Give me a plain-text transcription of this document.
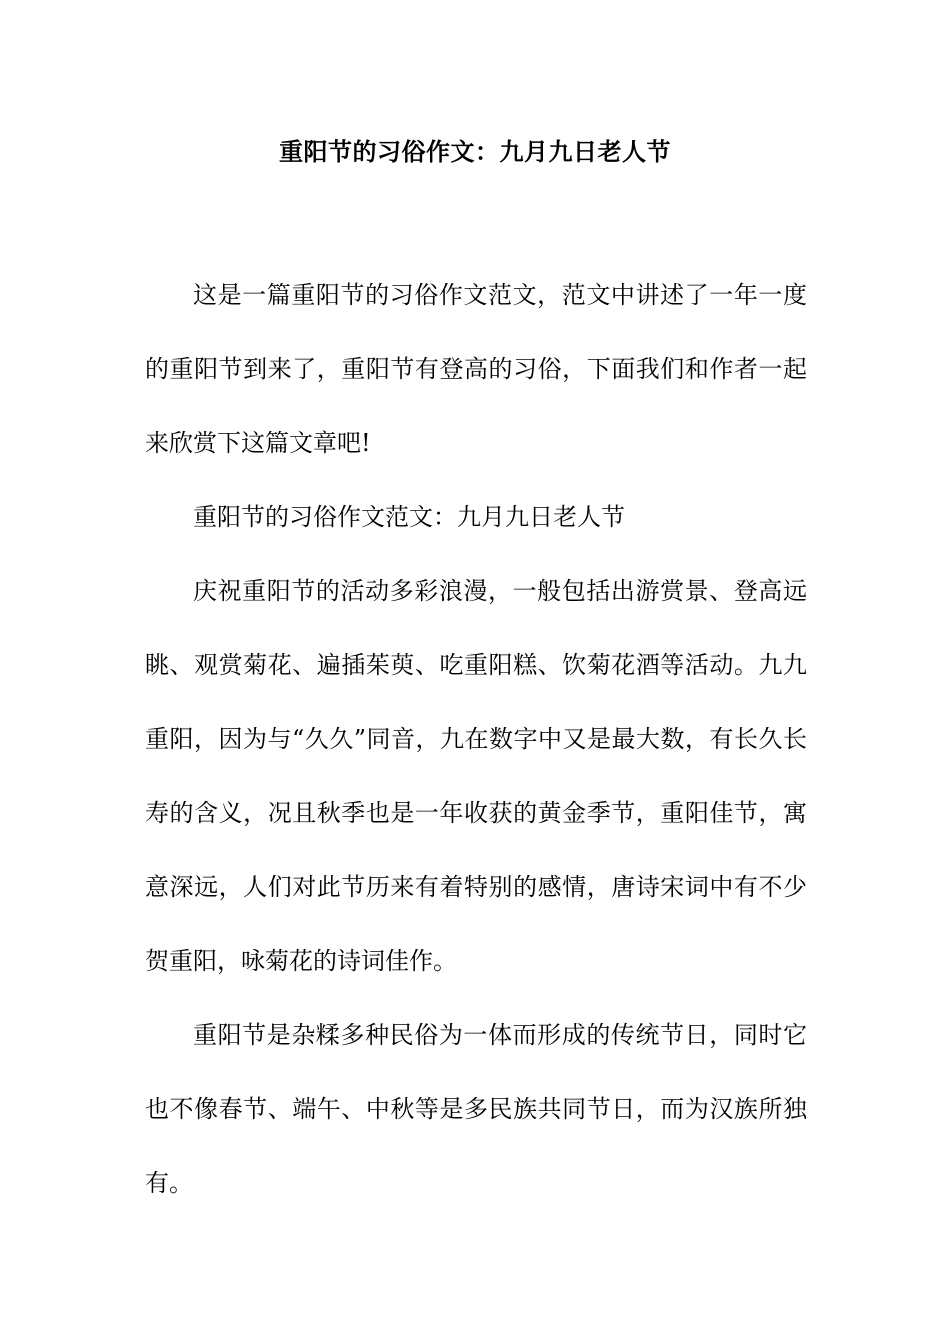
重阳节的习俗作文：九月九日老人节

这是一篇重阳节的习俗作文范文，范文中讲述了一年一度的重阳节到来了，重阳节有登高的习俗，下面我们和作者一起来欣赏下这篇文章吧!

重阳节的习俗作文范文：九月九日老人节

庆祝重阳节的活动多彩浪漫，一般包括出游赏景、登高远眺、观赏菊花、遍插茱萸、吃重阳糕、饮菊花酒等活动。九九重阳，因为与“久久”同音，九在数字中又是最大数，有长久长寿的含义，况且秋季也是一年收获的黄金季节，重阳佳节，寓意深远，人们对此节历来有着特别的感情，唐诗宋词中有不少贺重阳，咏菊花的诗词佳作。

重阳节是杂糅多种民俗为一体而形成的传统节日，同时它也不像春节、端午、中秋等是多民族共同节日，而为汉族所独有。
